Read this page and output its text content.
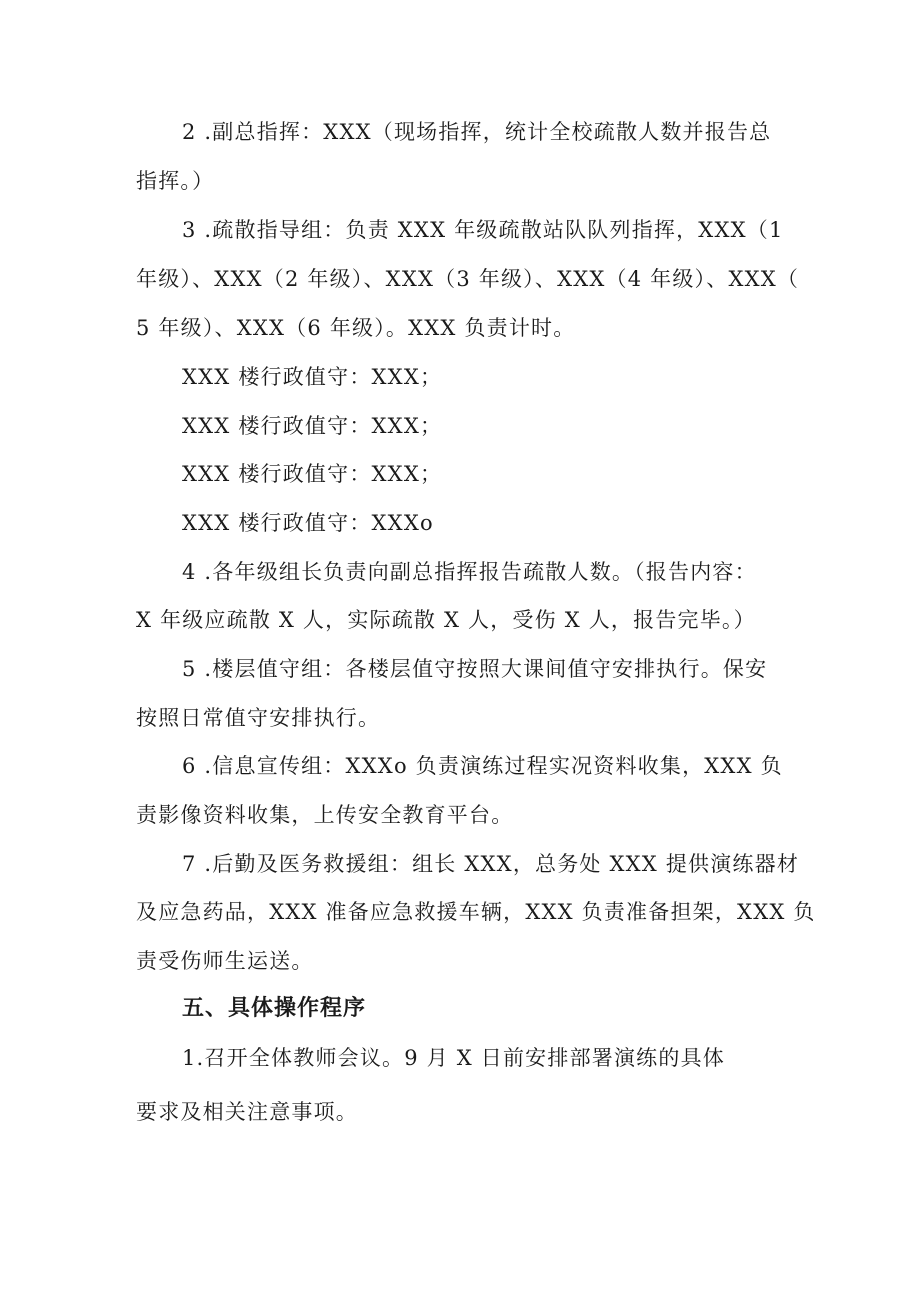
2 .副总指挥：XXX（现场指挥，统计全校疏散人数并报告总
指挥。）
3 .疏散指导组：负责 XXX 年级疏散站队队列指挥，XXX（1
年级）、XXX（2 年级）、XXX（3 年级）、XXX（4 年级）、XXX（
5 年级）、XXX（6 年级）。XXX 负责计时。
XXX 楼行政值守：XXX；
XXX 楼行政值守：XXX；
XXX 楼行政值守：XXX；
XXX 楼行政值守：XXXo
4 .各年级组长负责向副总指挥报告疏散人数。（报告内容：
X 年级应疏散 X 人，实际疏散 X 人，受伤 X 人，报告完毕。）
5 .楼层值守组：各楼层值守按照大课间值守安排执行。保安
按照日常值守安排执行。
6 .信息宣传组：XXXo 负责演练过程实况资料收集，XXX 负
责影像资料收集，上传安全教育平台。
7 .后勤及医务救援组：组长 XXX，总务处 XXX 提供演练器材
及应急药品，XXX 准备应急救援车辆，XXX 负责准备担架，XXX 负
责受伤师生运送。
五、具体操作程序
1.召开全体教师会议。9 月 X 日前安排部署演练的具体
要求及相关注意事项。
